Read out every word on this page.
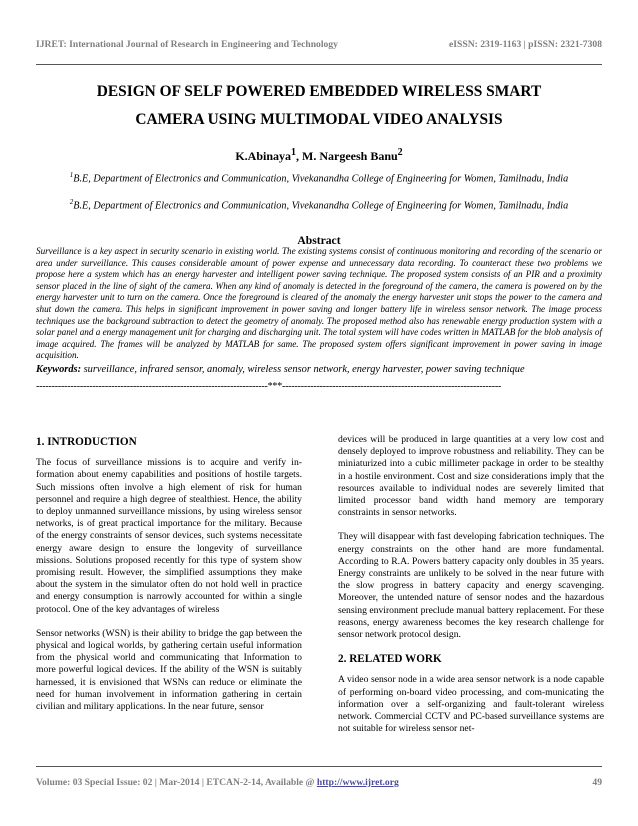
IJRET: International Journal of Research in Engineering and Technology	eISSN: 2319-1163 | pISSN: 2321-7308
DESIGN OF SELF POWERED EMBEDDED WIRELESS SMART
CAMERA USING MULTIMODAL VIDEO ANALYSIS
K.Abinaya$^1$, M. Nargeesh Banu$^2$
$^1$B.E, Department of Electronics and Communication, Vivekanandha College of Engineering for Women, Tamilnadu, India
$^2$B.E, Department of Electronics and Communication, Vivekanandha College of Engineering for Women, Tamilnadu, India
Abstract
Surveillance is a key aspect in security scenario in existing world. The existing systems consist of continuous monitoring and recording of the scenario or area under surveillance. This causes considerable amount of power expense and unnecessary data recording. To counteract these two problems we propose here a system which has an energy harvester and intelligent power saving technique. The proposed system consists of an PIR and a proximity sensor placed in the line of sight of the camera. When any kind of anomaly is detected in the foreground of the camera, the camera is powered on by the energy harvester unit to turn on the camera. Once the foreground is cleared of the anomaly the energy harvester unit stops the power to the camera and shut down the camera. This helps in significant improvement in power saving and longer battery life in wireless sensor network. The image process techniques use the background subtraction to detect the geometry of anomaly. The proposed method also has renewable energy production system with a solar panel and a energy management unit for charging and discharging unit. The total system will have codes written in MATLAB for the blob analysis of image acquired. The frames will be analyzed by MATLAB for same. The proposed system offers significant improvement in power saving in image acquisition.
Keywords: surveillance, infrared sensor, anomaly, wireless sensor network, energy harvester, power saving technique
--------------------------------------------------------------------------***----------------------------------------------------------------------
1. INTRODUCTION

The focus of surveillance missions is to acquire and verify in-formation about enemy capabilities and positions of hostile targets. Such missions often involve a high element of risk for human personnel and require a high degree of stealthiest. Hence, the ability to deploy unmanned surveillance missions, by using wireless sensor networks, is of great practical importance for the military. Because of the energy constraints of sensor devices, such systems necessitate energy aware design to ensure the longevity of surveillance missions. Solutions proposed recently for this type of system show promising result. However, the simplified assumptions they make about the system in the simulator often do not hold well in practice and energy consumption is narrowly accounted for within a single protocol. One of the key advantages of wireless

Sensor networks (WSN) is their ability to bridge the gap between the physical and logical worlds, by gathering certain useful information from the physical world and communicating that Information to more powerful logical devices. If the ability of the WSN is suitably harnessed, it is envisioned that WSNs can reduce or eliminate the need for human involvement in information gathering in certain civilian and military applications. In the near future, sensor

devices will be produced in large quantities at a very low cost and densely deployed to improve robustness and reliability. They can be miniaturized into a cubic millimeter package in order to be stealthy in a hostile environment. Cost and size considerations imply that the resources available to individual nodes are severely limited that limited processor band width hand memory are temporary constraints in sensor networks.

They will disappear with fast developing fabrication techniques. The energy constraints on the other hand are more fundamental. According to R.A. Powers battery capacity only doubles in 35 years. Energy constraints are unlikely to be solved in the near future with the slow progress in battery capacity and energy scavenging. Moreover, the untended nature of sensor nodes and the hazardous sensing environment preclude manual battery replacement. For these reasons, energy awareness becomes the key research challenge for sensor network protocol design.

2. RELATED WORK

A video sensor node in a wide area sensor network is a node capable of performing on-board video processing, and com-municating the information over a self-organizing and fault-tolerant wireless network. Commercial CCTV and PC-based surveillance systems are not suitable for wireless sensor net-

Volume: 03 Special Issue: 02 | Mar-2014 | ETCAN-2-14, Available @ http://www.ijret.org	49
